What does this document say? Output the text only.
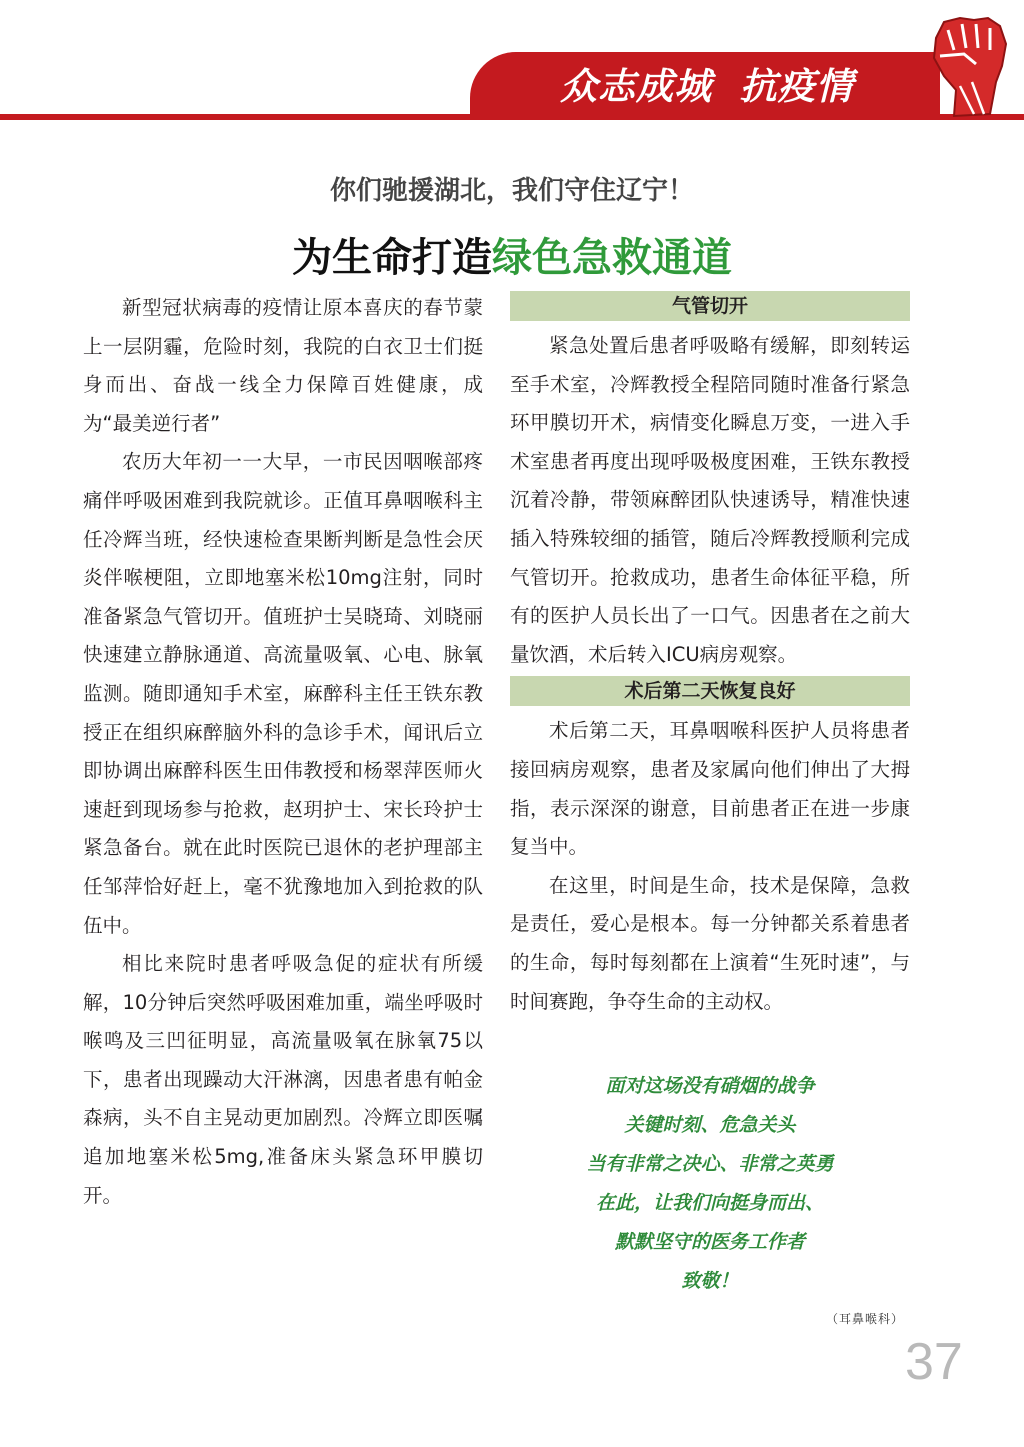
众志成城  抗疫情
你们驰援湖北，我们守住辽宁！
为生命打造绿色急救通道

新型冠状病毒的疫情让原本喜庆的春节蒙上一层阴霾，危险时刻，我院的白衣卫士们挺身而出、奋战一线全力保障百姓健康，成为“最美逆行者”

农历大年初一一大早，一市民因咽喉部疼痛伴呼吸困难到我院就诊。正值耳鼻咽喉科主任冷辉当班，经快速检查果断判断是急性会厌炎伴喉梗阻，立即地塞米松10mg注射，同时准备紧急气管切开。值班护士吴晓琦、刘晓丽快速建立静脉通道、高流量吸氧、心电、脉氧监测。随即通知手术室，麻醉科主任王铁东教授正在组织麻醉脑外科的急诊手术，闻讯后立即协调出麻醉科医生田伟教授和杨翠萍医师火速赶到现场参与抢救，赵玥护士、宋长玲护士紧急备台。就在此时医院已退休的老护理部主任邹萍恰好赶上，毫不犹豫地加入到抢救的队伍中。

相比来院时患者呼吸急促的症状有所缓解，10分钟后突然呼吸困难加重，端坐呼吸时喉鸣及三凹征明显，高流量吸氧在脉氧75以下，患者出现躁动大汗淋漓，因患者患有帕金森病，头不自主晃动更加剧烈。冷辉立即医嘱追加地塞米松5mg,准备床头紧急环甲膜切开。

气管切开

紧急处置后患者呼吸略有缓解，即刻转运至手术室，冷辉教授全程陪同随时准备行紧急环甲膜切开术，病情变化瞬息万变，一进入手术室患者再度出现呼吸极度困难，王铁东教授沉着冷静，带领麻醉团队快速诱导，精准快速插入特殊较细的插管，随后冷辉教授顺利完成气管切开。抢救成功，患者生命体征平稳，所有的医护人员长出了一口气。因患者在之前大量饮酒，术后转入ICU病房观察。

术后第二天恢复良好

术后第二天，耳鼻咽喉科医护人员将患者接回病房观察，患者及家属向他们伸出了大拇指，表示深深的谢意，目前患者正在进一步康复当中。

在这里，时间是生命，技术是保障，急救是责任，爱心是根本。每一分钟都关系着患者的生命，每时每刻都在上演着“生死时速”，与时间赛跑，争夺生命的主动权。

面对这场没有硝烟的战争
关键时刻、危急关头
当有非常之决心、非常之英勇
在此，让我们向挺身而出、
默默坚守的医务工作者
致敬！
（耳鼻喉科）
37
